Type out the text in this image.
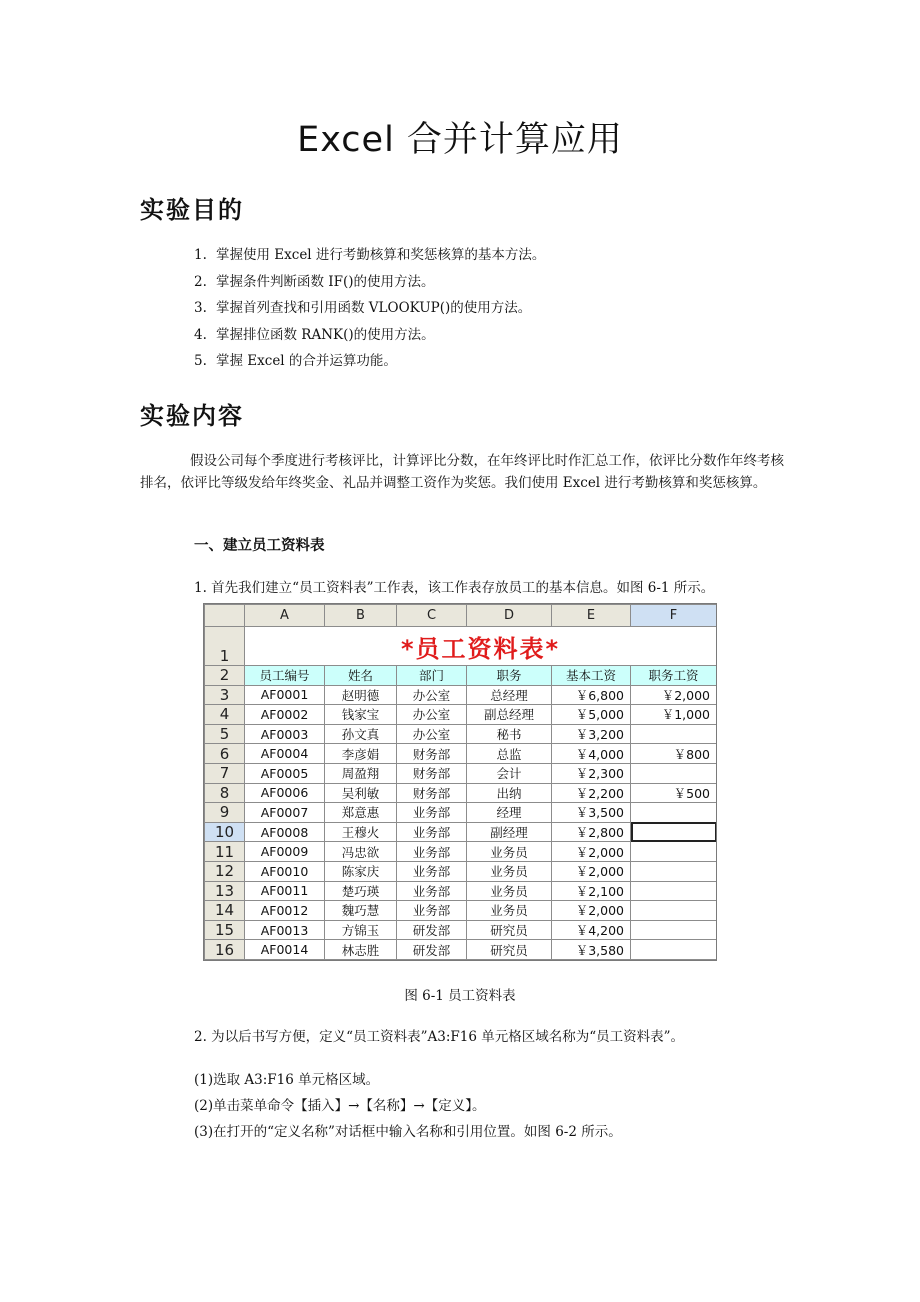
Excel 合并计算应用
实验目的
1. 掌握使用 Excel 进行考勤核算和奖惩核算的基本方法。
2. 掌握条件判断函数 IF()的使用方法。
3. 掌握首列查找和引用函数 VLOOKUP()的使用方法。
4. 掌握排位函数 RANK()的使用方法。
5. 掌握 Excel 的合并运算功能。
实验内容

假设公司每个季度进行考核评比，计算评比分数，在年终评比时作汇总工作，依评比分数作年终考核排名，依评比等级发给年终奖金、礼品并调整工资作为奖惩。我们使用 Excel 进行考勤核算和奖惩核算。

一、建立员工资料表

1. 首先我们建立“员工资料表”工作表，该工作表存放员工的基本信息。如图 6-1 所示。

	A	B	C	D	E	F
1	*员工资料表*					
2	员工编号	姓名	部门	职务	基本工资	职务工资
3	AF0001	赵明德	办公室	总经理	￥6,800	￥2,000
4	AF0002	钱家宝	办公室	副总经理	￥5,000	￥1,000
5	AF0003	孙文真	办公室	秘书	￥3,200	
6	AF0004	李彦娟	财务部	总监	￥4,000	￥800
7	AF0005	周盈翔	财务部	会计	￥2,300	
8	AF0006	吴利敏	财务部	出纳	￥2,200	￥500
9	AF0007	郑意惠	业务部	经理	￥3,500	
10	AF0008	王穆火	业务部	副经理	￥2,800	
11	AF0009	冯忠欲	业务部	业务员	￥2,000	
12	AF0010	陈家庆	业务部	业务员	￥2,000	
13	AF0011	楚巧瑛	业务部	业务员	￥2,100	
14	AF0012	魏巧慧	业务部	业务员	￥2,000	
15	AF0013	方锦玉	研发部	研究员	￥4,200	
16	AF0014	林志胜	研发部	研究员	￥3,580	

图 6-1 员工资料表

2. 为以后书写方便，定义“员工资料表”A3:F16 单元格区域名称为“员工资料表”。

(1)选取 A3:F16 单元格区域。

(2)单击菜单命令【插入】→【名称】→【定义】。

(3)在打开的“定义名称”对话框中输入名称和引用位置。如图 6-2 所示。
